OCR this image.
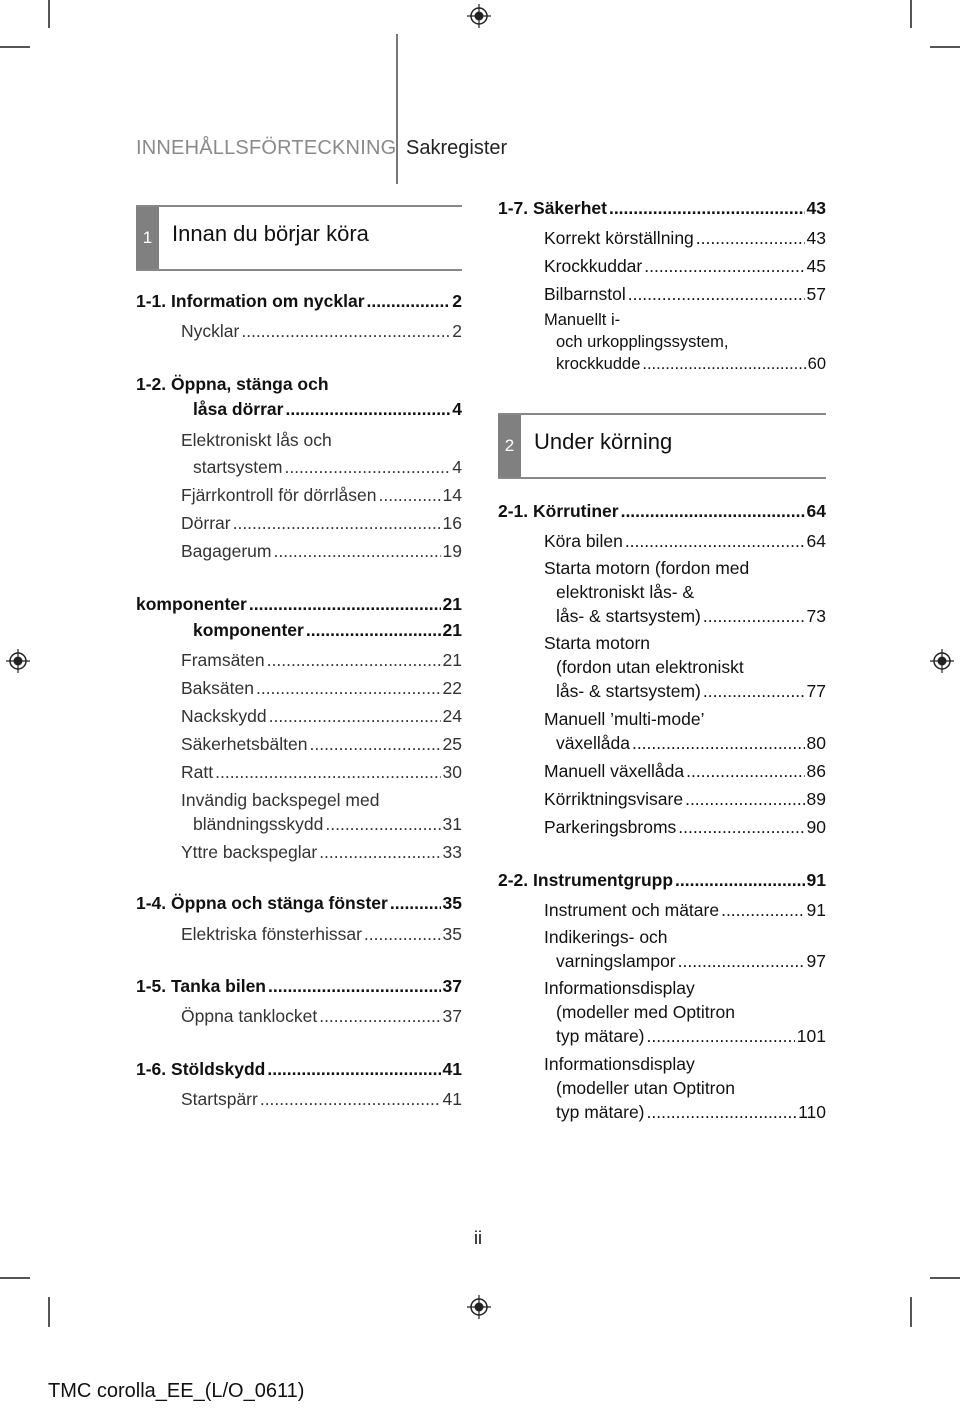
INNEHÅLLSFÖRTECKNING Sakregister
1 Innan du börjar köra
1-1. Information om nycklar .....	2
Nycklar .....	2
1-2. Öppna, stänga och
låsa dörrar .....	4
Elektroniskt lås och
startsystem .....	4
Fjärrkontroll för dörrlåsen .....	14
Dörrar .....	16
Bagagerum .....	19
komponenter .....	21
komponenter .....	21
Framsäten .....	21
Baksäten .....	22
Nackskydd .....	24
Säkerhetsbälten .....	25
Ratt .....	30
Invändig backspegel med
bländningsskydd .....	31
Yttre backspeglar .....	33
1-4. Öppna och stänga fönster .....	35
Elektriska fönsterhissar .....	35
1-5. Tanka bilen .....	37
Öppna tanklocket .....	37
1-6. Stöldskydd .....	41
Startspärr .....	41
1-7. Säkerhet .....	43
Korrekt körställning .....	43
Krockkuddar .....	45
Bilbarnstol .....	57
Manuellt i-
och urkopplingssystem,
krockkudde .....	60
2 Under körning
2-1. Körrutiner .....	64
Köra bilen .....	64
Starta motorn (fordon med
elektroniskt lås- &
lås- & startsystem) .....	73
Starta motorn
(fordon utan elektroniskt
lås- & startsystem) .....	77
Manuell ’multi-mode’
växellåda .....	80
Manuell växellåda .....	86
Körriktningsvisare .....	89
Parkeringsbroms .....	90
2-2. Instrumentgrupp .....	91
Instrument och mätare .....	91
Indikerings- och
varningslampor .....	97
Informationsdisplay
(modeller med Optitron
typ mätare) .....	101
Informationsdisplay
(modeller utan Optitron
typ mätare) .....	110
ii
TMC corolla_EE_(L/O_0611)
